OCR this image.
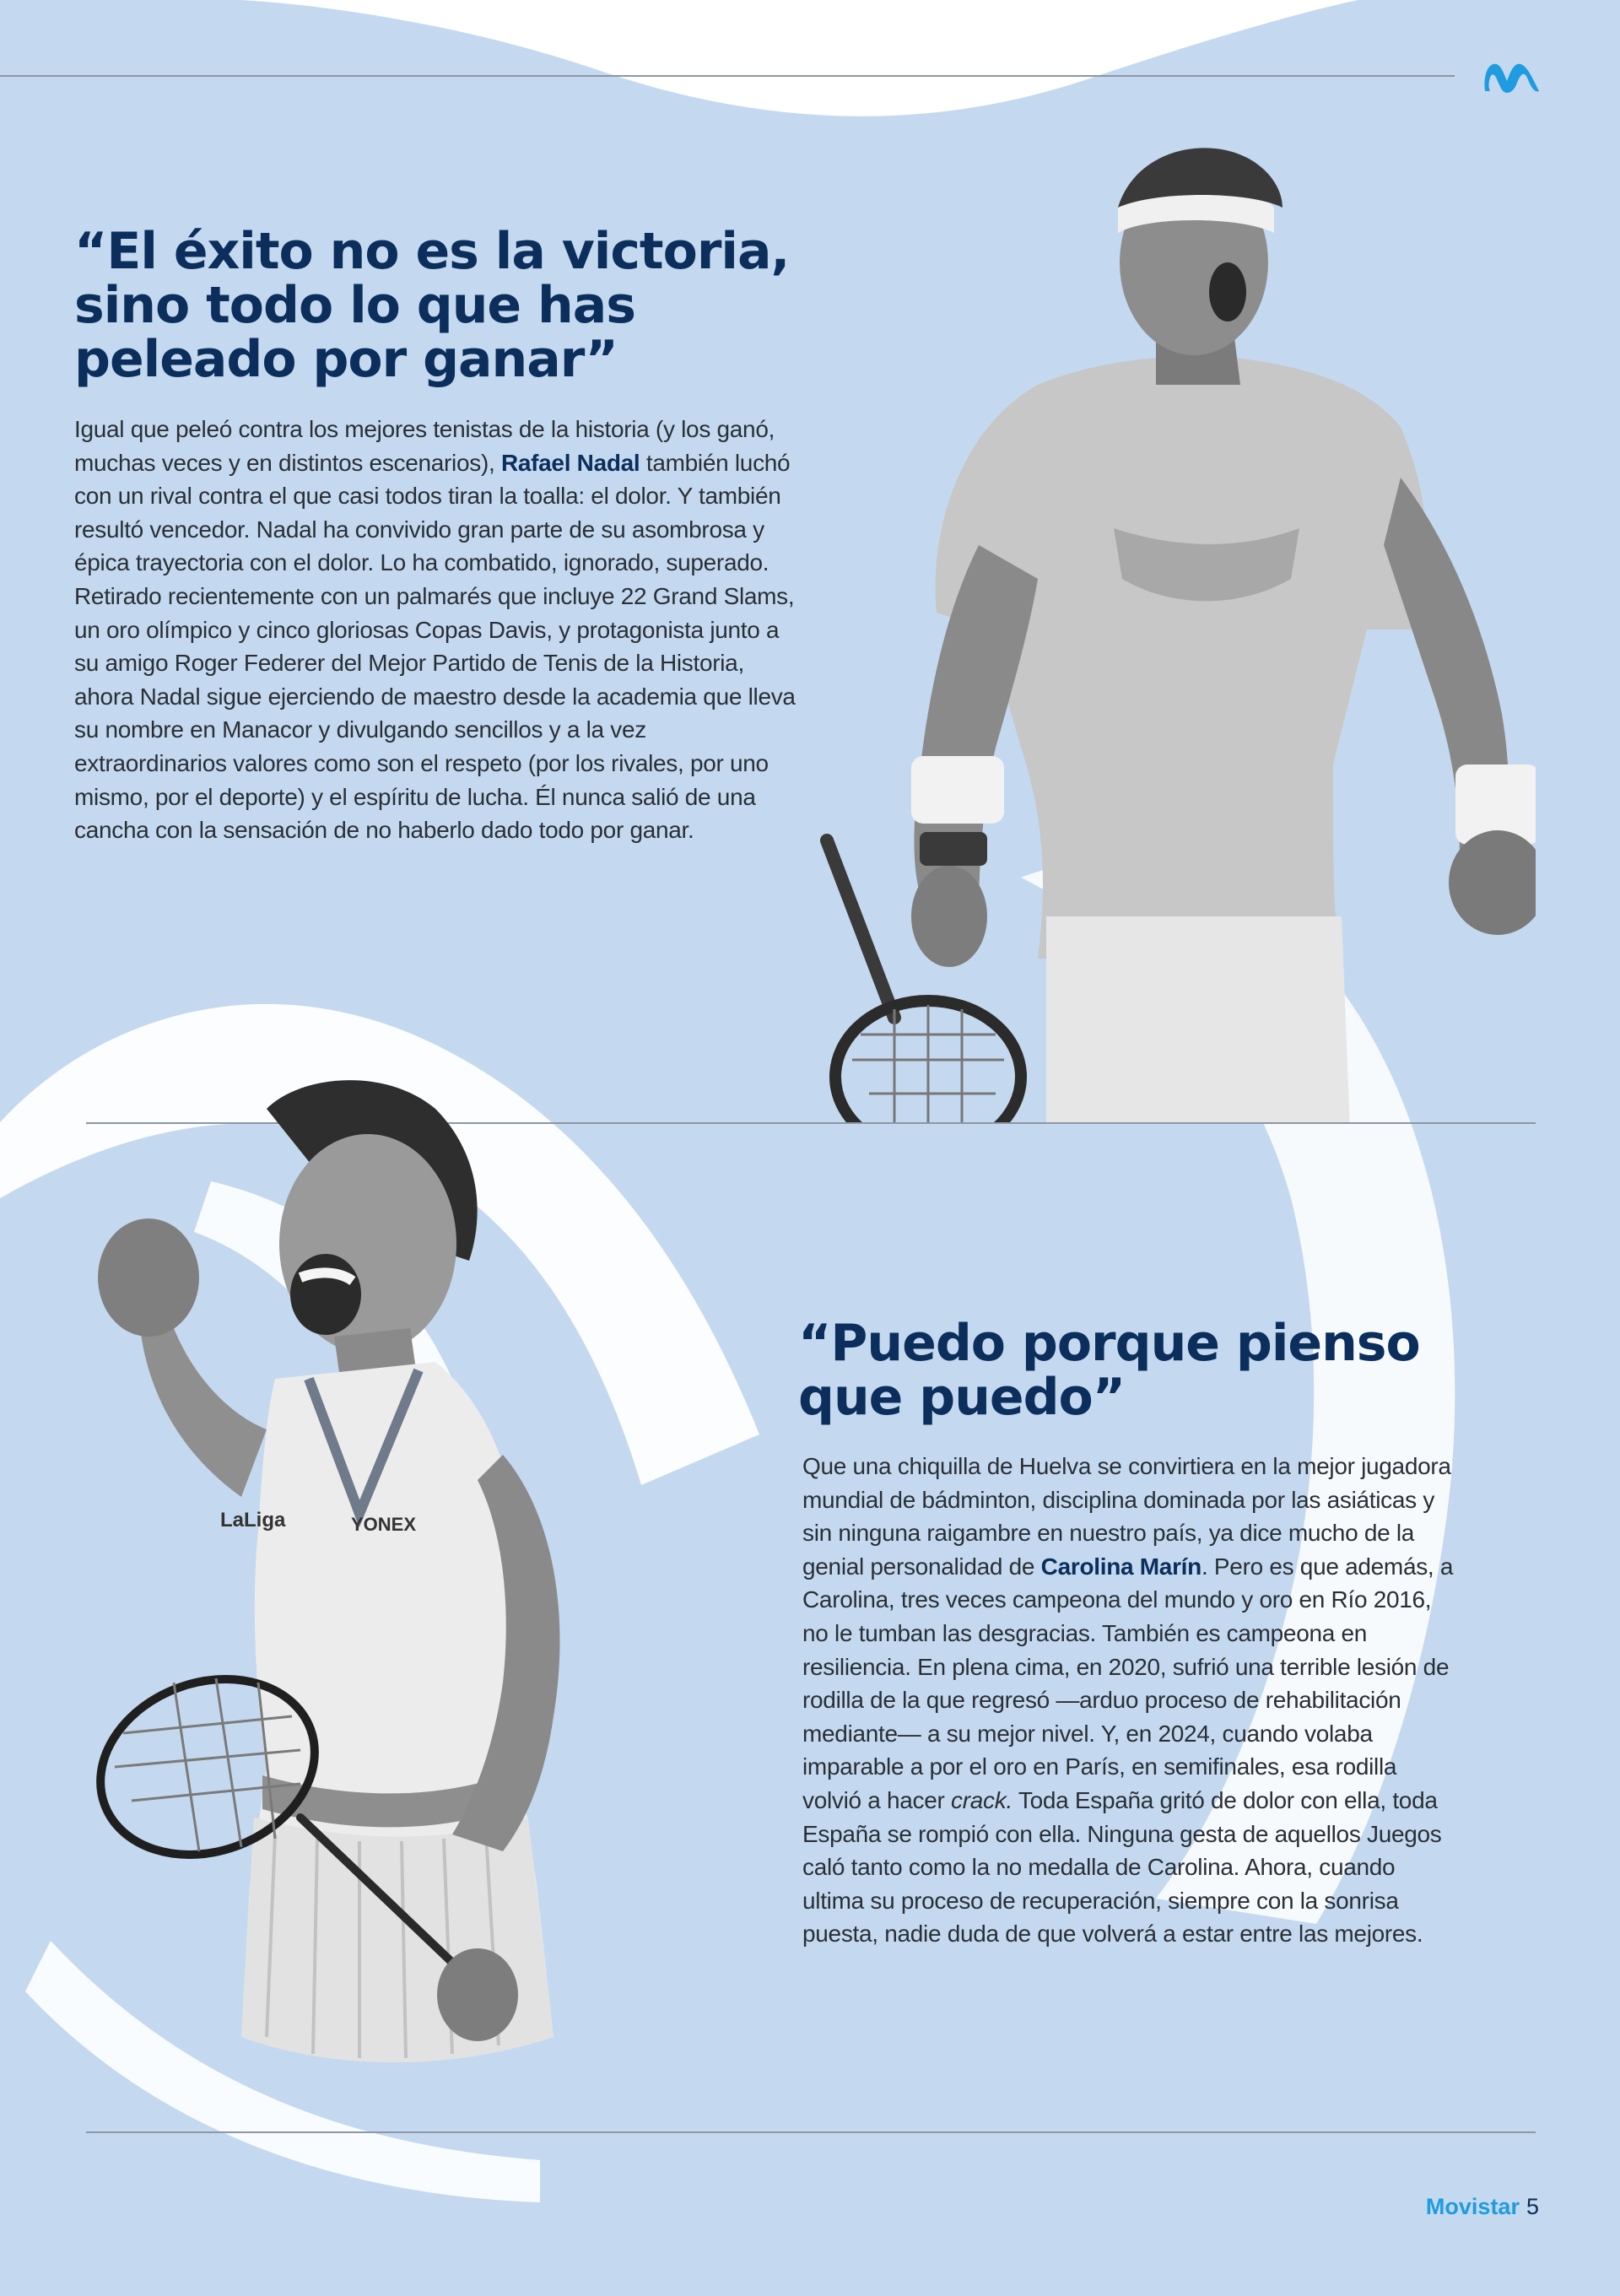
“El éxito no es la victoria, sino todo lo que has peleado por ganar”

Igual que peleó contra los mejores tenistas de la historia (y los ganó, muchas veces y en distintos escenarios), Rafael Nadal también luchó con un rival contra el que casi todos tiran la toalla: el dolor. Y también resultó vencedor. Nadal ha convivido gran parte de su asombrosa y épica trayectoria con el dolor. Lo ha combatido, ignorado, superado. Retirado recientemente con un palmarés que incluye 22 Grand Slams, un oro olímpico y cinco gloriosas Copas Davis, y protagonista junto a su amigo Roger Federer del Mejor Partido de Tenis de la Historia, ahora Nadal sigue ejerciendo de maestro desde la academia que lleva su nombre en Manacor y divulgando sencillos y a la vez extraordinarios valores como son el respeto (por los rivales, por uno mismo, por el deporte) y el espíritu de lucha. Él nunca salió de una cancha con la sensación de no haberlo dado todo por ganar.

LaLiga	YONEX
“Puedo porque pienso que puedo”

Que una chiquilla de Huelva se convirtiera en la mejor jugadora mundial de bádminton, disciplina dominada por las asiáticas y sin ninguna raigambre en nuestro país, ya dice mucho de la genial personalidad de Carolina Marín. Pero es que además, a Carolina, tres veces campeona del mundo y oro en Río 2016, no le tumban las desgracias. También es campeona en resiliencia. En plena cima, en 2020, sufrió una terrible lesión de rodilla de la que regresó —arduo proceso de rehabilitación mediante— a su mejor nivel. Y, en 2024, cuando volaba imparable a por el oro en París, en semifinales, esa rodilla volvió a hacer crack. Toda España gritó de dolor con ella, toda España se rompió con ella. Ninguna gesta de aquellos Juegos caló tanto como la no medalla de Carolina. Ahora, cuando ultima su proceso de recuperación, siempre con la sonrisa puesta, nadie duda de que volverá a estar entre las mejores.

Movistar 5
